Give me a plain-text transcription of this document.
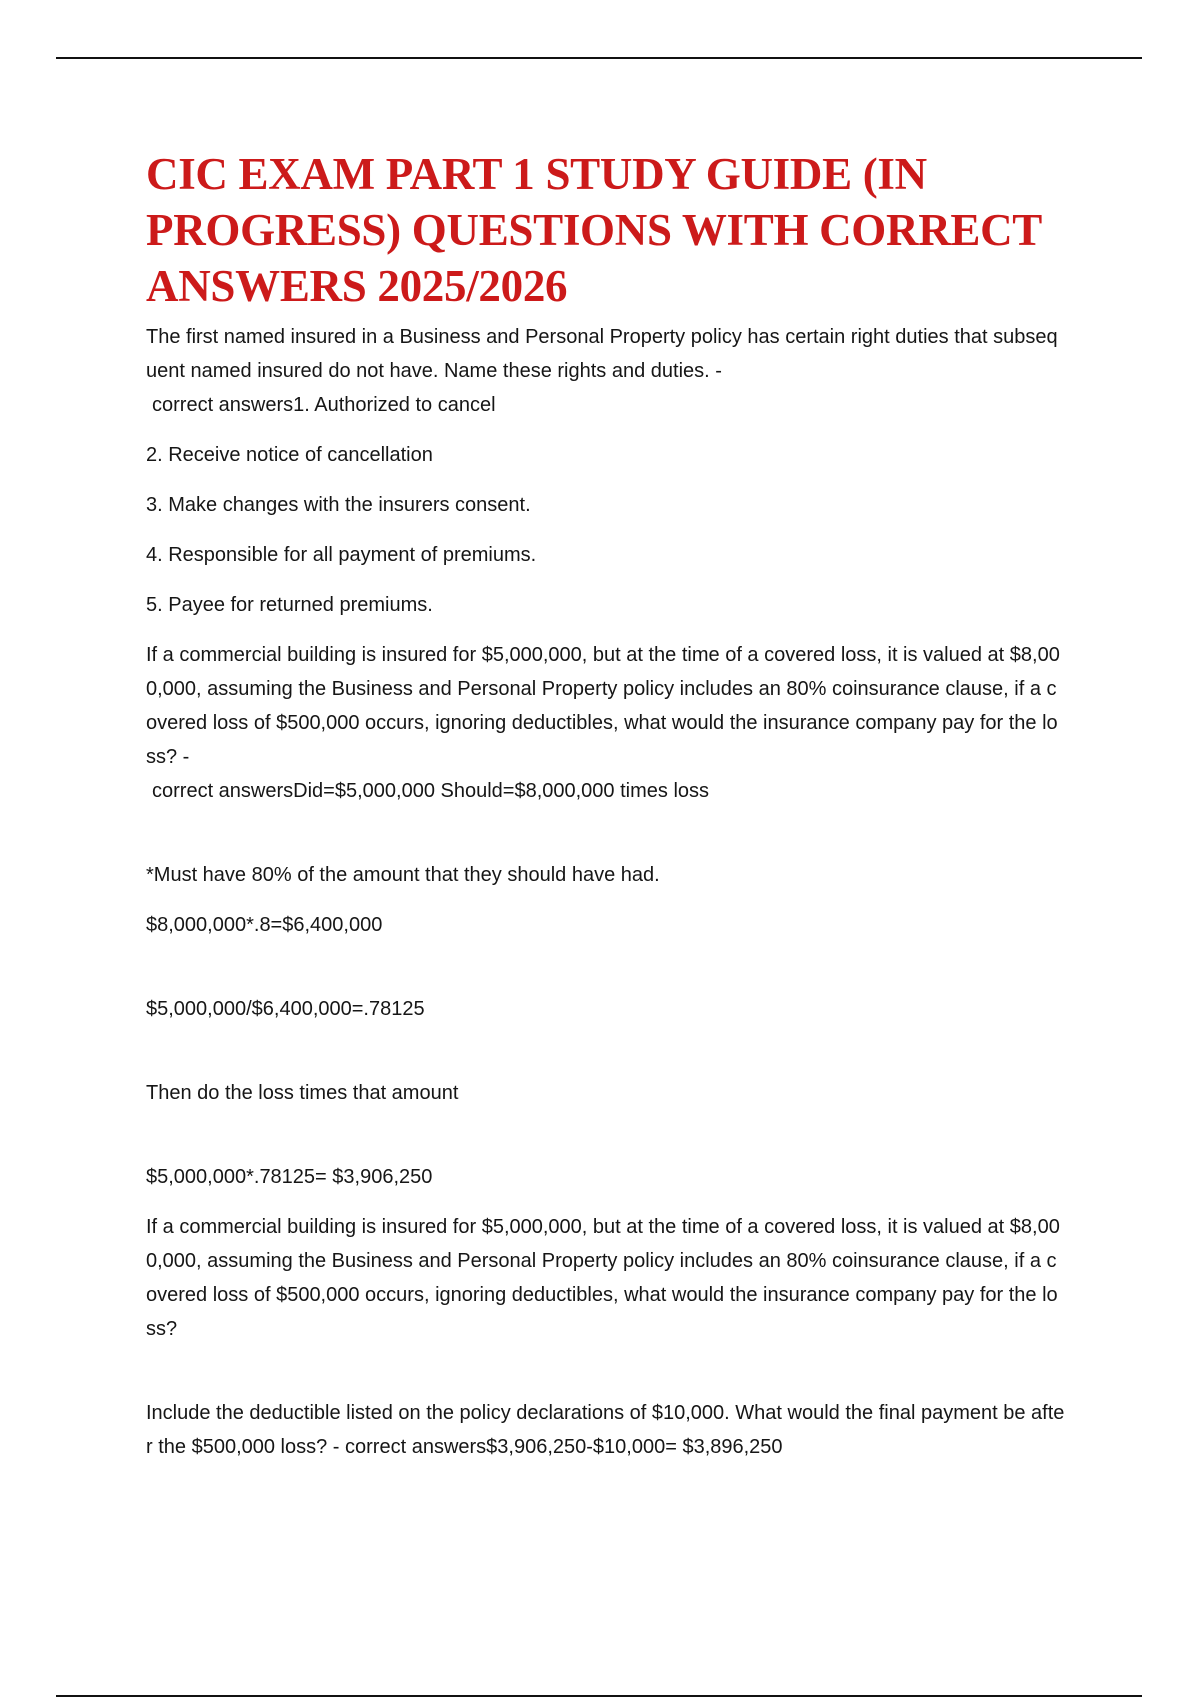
CIC EXAM PART 1 STUDY GUIDE (IN PROGRESS) QUESTIONS WITH CORRECT ANSWERS 2025/2026

The first named insured in a Business and Personal Property policy has certain right duties that subsequent named insured do not have. Name these rights and duties. -
correct answers1. Authorized to cancel

2. Receive notice of cancellation

3. Make changes with the insurers consent.

4. Responsible for all payment of premiums.

5. Payee for returned premiums.

If a commercial building is insured for $5,000,000, but at the time of a covered loss, it is valued at $8,000,000, assuming the Business and Personal Property policy includes an 80% coinsurance clause, if a covered loss of $500,000 occurs, ignoring deductibles, what would the insurance company pay for the loss? -
correct answersDid=$5,000,000 Should=$8,000,000 times loss

*Must have 80% of the amount that they should have had.

$8,000,000*.8=$6,400,000

$5,000,000/$6,400,000=.78125

Then do the loss times that amount

$5,000,000*.78125= $3,906,250

If a commercial building is insured for $5,000,000, but at the time of a covered loss, it is valued at $8,000,000, assuming the Business and Personal Property policy includes an 80% coinsurance clause, if a covered loss of $500,000 occurs, ignoring deductibles, what would the insurance company pay for the loss?

Include the deductible listed on the policy declarations of $10,000. What would the final payment be after the $500,000 loss? - correct answers$3,906,250-$10,000= $3,896,250
